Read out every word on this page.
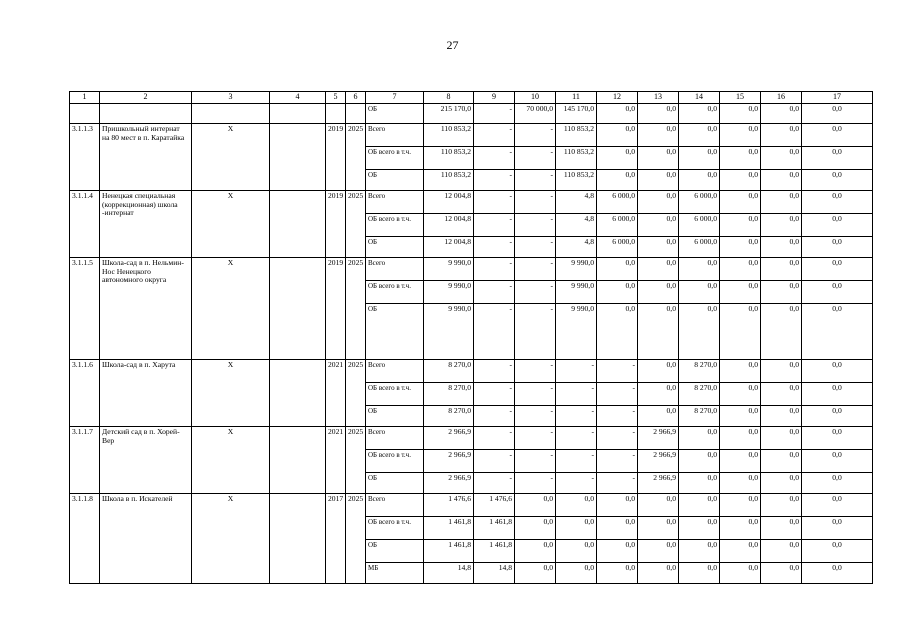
27
1	2	3	4	5	6	7	8	9	10	11	12	13	14	15	16	17
						ОБ	215 170,0	-	70 000,0	145 170,0	0,0	0,0	0,0	0,0	0,0	0,0
3.1.1.3	Пришкольный интернат на 80 мест в п. Каратайка	X		2019	2025	Всего	110 853,2	-	-	110 853,2	0,0	0,0	0,0	0,0	0,0	0,0
						ОБ всего в т.ч.	110 853,2	-	-	110 853,2	0,0	0,0	0,0	0,0	0,0	0,0
						ОБ	110 853,2	-	-	110 853,2	0,0	0,0	0,0	0,0	0,0	0,0
3.1.1.4	Ненецкая специальная (коррекционная) школа -интернат	X		2019	2025	Всего	12 004,8	-	-	4,8	6 000,0	0,0	6 000,0	0,0	0,0	0,0
						ОБ всего в т.ч.	12 004,8	-	-	4,8	6 000,0	0,0	6 000,0	0,0	0,0	0,0
						ОБ	12 004,8	-	-	4,8	6 000,0	0,0	6 000,0	0,0	0,0	0,0
3.1.1.5	Школа-сад в п. Нельмин-Нос Ненецкого автономного округа	X		2019	2025	Всего	9 990,0	-	-	9 990,0	0,0	0,0	0,0	0,0	0,0	0,0
						ОБ всего в т.ч.	9 990,0	-	-	9 990,0	0,0	0,0	0,0	0,0	0,0	0,0
						ОБ	9 990,0	-	-	9 990,0	0,0	0,0	0,0	0,0	0,0	0,0
3.1.1.6	Школа-сад в п. Харута	X		2021	2025	Всего	8 270,0	-	-	-	-	0,0	8 270,0	0,0	0,0	0,0
						ОБ всего в т.ч.	8 270,0	-	-	-	-	0,0	8 270,0	0,0	0,0	0,0
						ОБ	8 270,0	-	-	-	-	0,0	8 270,0	0,0	0,0	0,0
3.1.1.7	Детский сад в п. Хорей-Вер	X		2021	2025	Всего	2 966,9	-	-	-	-	2 966,9	0,0	0,0	0,0	0,0
						ОБ всего в т.ч.	2 966,9	-	-	-	-	2 966,9	0,0	0,0	0,0	0,0
						ОБ	2 966,9	-	-	-	-	2 966,9	0,0	0,0	0,0	0,0
3.1.1.8	Школа в п. Искателей	X		2017	2025	Всего	1 476,6	1 476,6	0,0	0,0	0,0	0,0	0,0	0,0	0,0	0,0
						ОБ всего в т.ч.	1 461,8	1 461,8	0,0	0,0	0,0	0,0	0,0	0,0	0,0	0,0
						ОБ	1 461,8	1 461,8	0,0	0,0	0,0	0,0	0,0	0,0	0,0	0,0
						МБ	14,8	14,8	0,0	0,0	0,0	0,0	0,0	0,0	0,0	0,0
